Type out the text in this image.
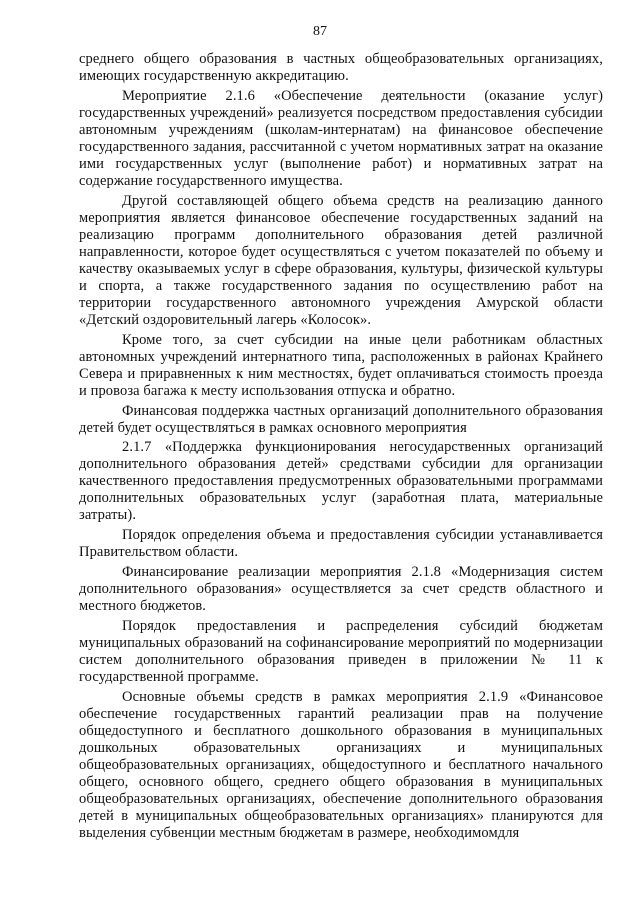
87

среднего общего образования в частных общеобразовательных организациях, имеющих государственную аккредитацию.

Мероприятие 2.1.6 «Обеспечение деятельности (оказание услуг) государственных учреждений» реализуется посредством предоставления субсидии автономным учреждениям (школам-интернатам) на финансовое обеспечение государственного задания, рассчитанной с учетом нормативных затрат на оказание ими государственных услуг (выполнение работ) и нормативных затрат на содержание государственного имущества.

Другой составляющей общего объема средств на реализацию данного мероприятия является финансовое обеспечение государственных заданий на реализацию программ дополнительного образования детей различной направленности, которое будет осуществляться с учетом показателей по объему и качеству оказываемых услуг в сфере образования, культуры, физической культуры и спорта, а также государственного задания по осуществлению работ на территории государственного автономного учреждения Амурской области «Детский оздоровительный лагерь «Колосок».

Кроме того, за счет субсидии на иные цели работникам областных автономных учреждений интернатного типа, расположенных в районах Крайнего Севера и приравненных к ним местностях, будет оплачиваться стоимость проезда и провоза багажа к месту использования отпуска и обратно.

Финансовая поддержка частных организаций дополнительного образования детей будет осуществляться в рамках основного мероприятия

2.1.7 «Поддержка функционирования негосударственных организаций дополнительного образования детей» средствами субсидии для организации качественного предоставления предусмотренных образовательными программами дополнительных образовательных услуг (заработная плата, материальные затраты).

Порядок определения объема и предоставления субсидии устанавливается Правительством области.

Финансирование реализации мероприятия 2.1.8 «Модернизация систем дополнительного образования» осуществляется за счет средств областного и местного бюджетов.

Порядок предоставления и распределения субсидий бюджетам муниципальных образований на софинансирование мероприятий по модернизации систем дополнительного образования приведен в приложении № 11 к государственной программе.

Основные объемы средств в рамках мероприятия 2.1.9 «Финансовое обеспечение государственных гарантий реализации прав на получение общедоступного и бесплатного дошкольного образования в муниципальных дошкольных образовательных организациях и муниципальных общеобразовательных организациях, общедоступного и бесплатного начального общего, основного общего, среднего общего образования в муниципальных общеобразовательных организациях, обеспечение дополнительного образования детей в муниципальных общеобразовательных организациях» планируются для выделения субвенции местным бюджетам в размере, необходимомдля
